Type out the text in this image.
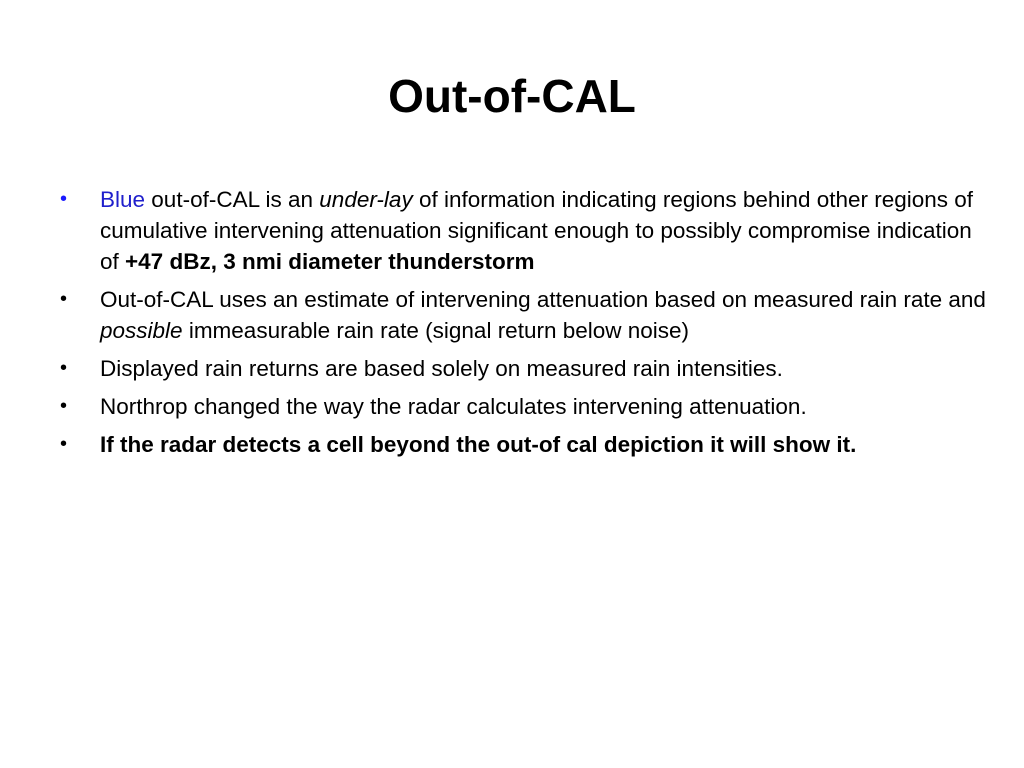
Out-of-CAL
•	Blue out-of-CAL is an under-lay of information indicating regions behind other regions of cumulative intervening attenuation significant enough to possibly compromise indication of +47 dBz, 3 nmi diameter thunderstorm
•	Out-of-CAL uses an estimate of intervening attenuation based on measured rain rate and possible immeasurable rain rate (signal return below noise)
•	Displayed rain returns are based solely on measured rain intensities.
•	Northrop changed the way the radar calculates intervening attenuation.
•	If the radar detects a cell beyond the out-of cal depiction it will show it.
